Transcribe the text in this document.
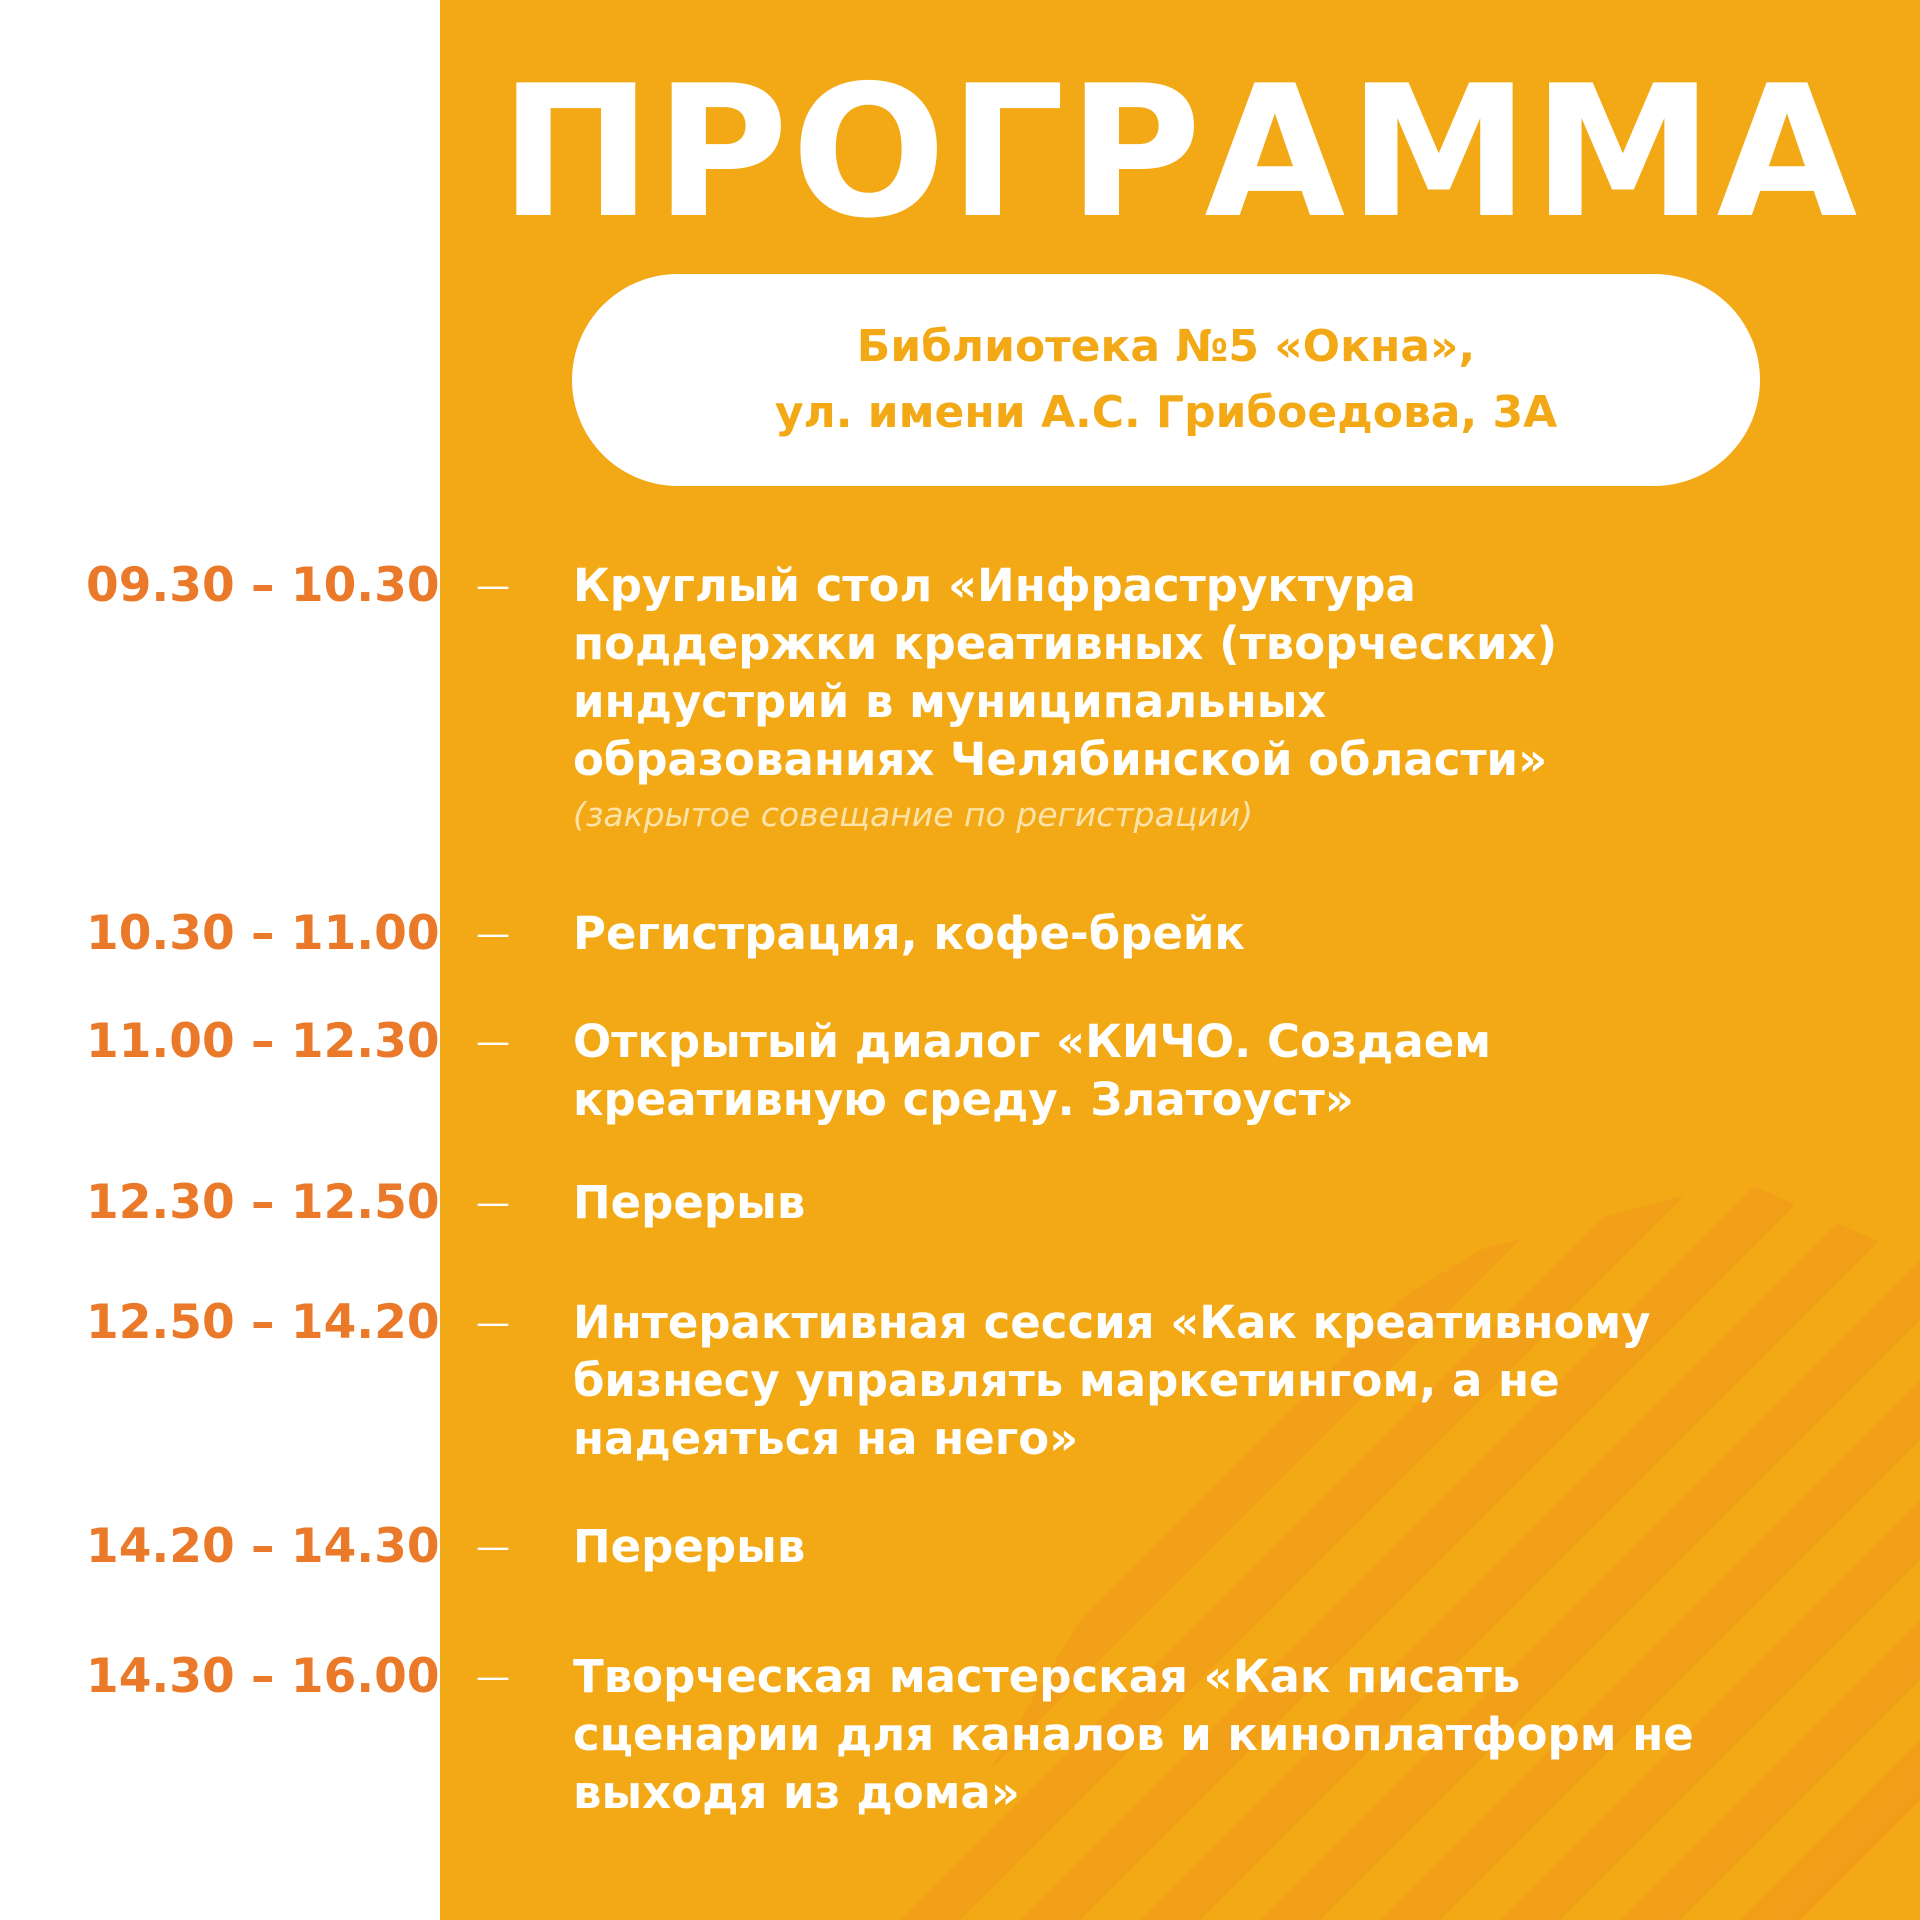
ПРОГРАММА
Библиотека №5 «Окна»,
ул. имени А.С. Грибоедова, 3А
09.30 – 10.30 — Круглый стол «Инфраструктура
поддержки креативных (творческих)
индустрий в муниципальных
образованиях Челябинской области»
(закрытое совещание по регистрации)
10.30 – 11.00 — Регистрация, кофе-брейк
11.00 – 12.30 — Открытый диалог «КИЧО. Создаем
креативную среду. Златоуст»
12.30 – 12.50 — Перерыв
12.50 – 14.20 — Интерактивная сессия «Как креативному
бизнесу управлять маркетингом, а не
надеяться на него»
14.20 – 14.30 — Перерыв
14.30 – 16.00 — Творческая мастерская «Как писать
сценарии для каналов и киноплатформ не
выходя из дома»
